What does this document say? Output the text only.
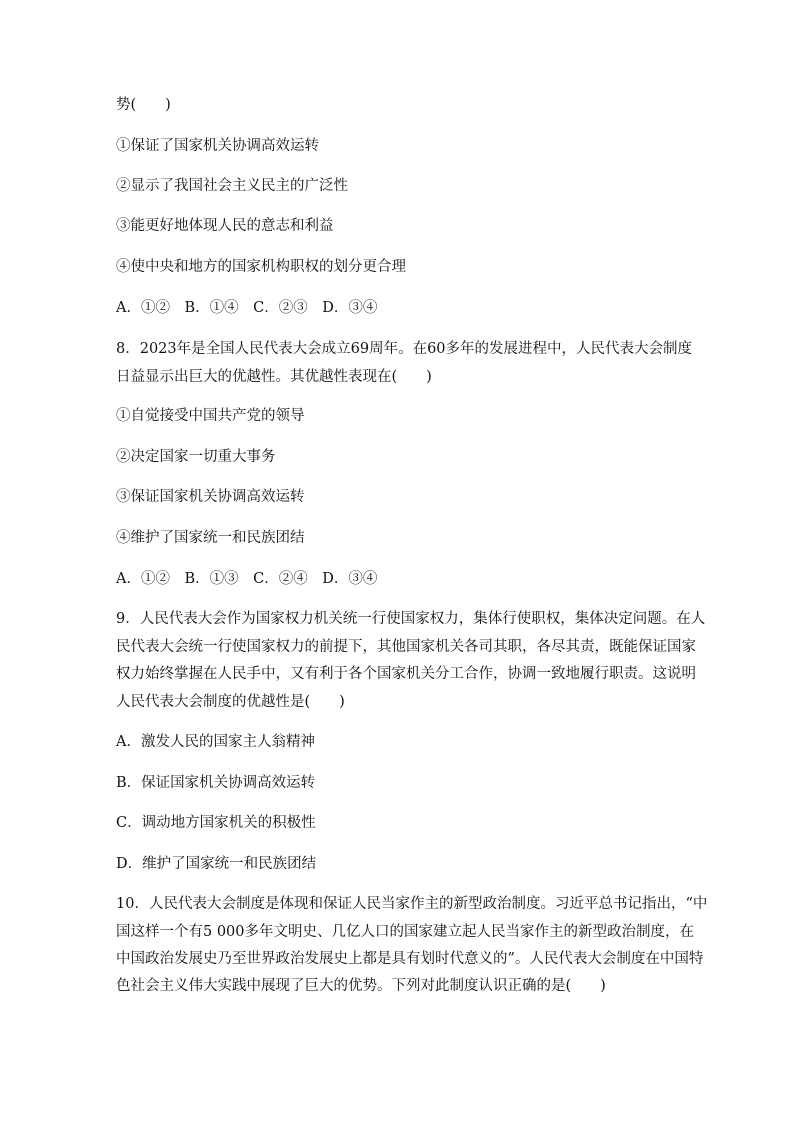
势(　　)
①保证了国家机关协调高效运转
②显示了我国社会主义民主的广泛性
③能更好地体现人民的意志和利益
④使中央和地方的国家机构职权的划分更合理
A．①②　B．①④　C．②③　D．③④
8．2023年是全国人民代表大会成立69周年。在60多年的发展进程中，人民代表大会制度
日益显示出巨大的优越性。其优越性表现在(　　)
①自觉接受中国共产党的领导
②决定国家一切重大事务
③保证国家机关协调高效运转
④维护了国家统一和民族团结
A．①②　B．①③　C．②④　D．③④
9．人民代表大会作为国家权力机关统一行使国家权力，集体行使职权，集体决定问题。在人
民代表大会统一行使国家权力的前提下，其他国家机关各司其职，各尽其责，既能保证国家
权力始终掌握在人民手中，又有利于各个国家机关分工合作，协调一致地履行职责。这说明
人民代表大会制度的优越性是(　　)
A．激发人民的国家主人翁精神
B．保证国家机关协调高效运转
C．调动地方国家机关的积极性
D．维护了国家统一和民族团结
10．人民代表大会制度是体现和保证人民当家作主的新型政治制度。习近平总书记指出，“中
国这样一个有5 000多年文明史、几亿人口的国家建立起人民当家作主的新型政治制度，在
中国政治发展史乃至世界政治发展史上都是具有划时代意义的”。人民代表大会制度在中国特
色社会主义伟大实践中展现了巨大的优势。下列对此制度认识正确的是(　　)
